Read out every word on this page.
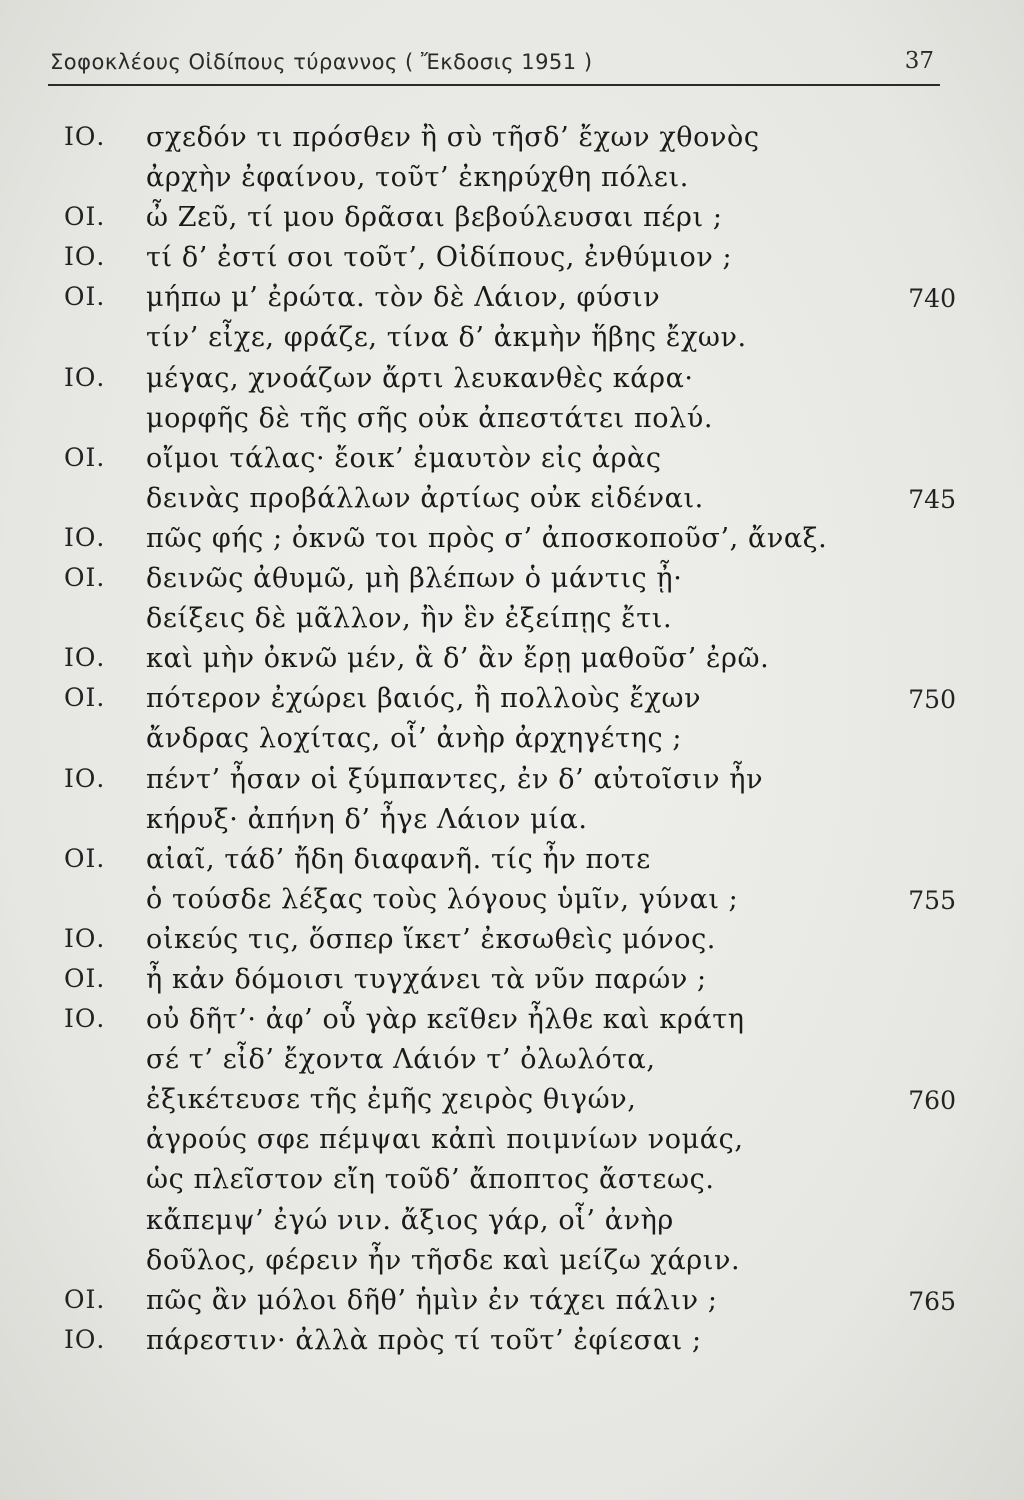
Σοφοκλέους Οἰδίπους τύραννος ( Ἔκδοσις 1951 )	37
ΙΟ. σχεδόν τι πρόσθεν ἢ σὺ τῆσδ’ ἔχων χθονὸς
ἀρχὴν ἐφαίνου, τοῦτ’ ἐκηρύχθη πόλει.
ΟΙ. ὦ Ζεῦ, τί μου δρᾶσαι βεβούλευσαι πέρι ;
ΙΟ. τί δ’ ἐστί σοι τοῦτ’, Οἰδίπους, ἐνθύμιον ;
ΟΙ. μήπω μ’ ἐρώτα. τὸν δὲ Λάιον, φύσιν	740
τίν’ εἶχε, φράζε, τίνα δ’ ἀκμὴν ἥβης ἔχων.
ΙΟ. μέγας, χνοάζων ἄρτι λευκανθὲς κάρα·
μορφῆς δὲ τῆς σῆς οὐκ ἀπεστάτει πολύ.
ΟΙ. οἴμοι τάλας· ἔοικ’ ἐμαυτὸν εἰς ἀρὰς
δεινὰς προβάλλων ἀρτίως οὐκ εἰδέναι.	745
ΙΟ. πῶς φής ; ὀκνῶ τοι πρὸς σ’ ἀποσκοποῦσ’, ἄναξ.
ΟΙ. δεινῶς ἀθυμῶ, μὴ βλέπων ὁ μάντις ᾖ·
δείξεις δὲ μᾶλλον, ἢν ἓν ἐξείπῃς ἔτι.
ΙΟ. καὶ μὴν ὀκνῶ μέν, ἃ δ’ ἂν ἔρῃ μαθοῦσ’ ἐρῶ.
ΟΙ. πότερον ἐχώρει βαιός, ἢ πολλοὺς ἔχων	750
ἄνδρας λοχίτας, οἷ’ ἀνὴρ ἀρχηγέτης ;
ΙΟ. πέντ’ ἦσαν οἱ ξύμπαντες, ἐν δ’ αὐτοῖσιν ἦν
κήρυξ· ἀπήνη δ’ ἦγε Λάιον μία.
ΟΙ. αἰαῖ, τάδ’ ἤδη διαφανῆ. τίς ἦν ποτε
ὁ τούσδε λέξας τοὺς λόγους ὑμῖν, γύναι ;	755
ΙΟ. οἰκεύς τις, ὅσπερ ἵκετ’ ἐκσωθεὶς μόνος.
ΟΙ. ἦ κἀν δόμοισι τυγχάνει τὰ νῦν παρών ;
ΙΟ. οὐ δῆτ’· ἀφ’ οὗ γὰρ κεῖθεν ἦλθε καὶ κράτη
σέ τ’ εἶδ’ ἔχοντα Λάιόν τ’ ὀλωλότα,
ἐξικέτευσε τῆς ἐμῆς χειρὸς θιγών,	760
ἀγρούς σφε πέμψαι κἀπὶ ποιμνίων νομάς,
ὡς πλεῖστον εἴη τοῦδ’ ἄποπτος ἄστεως.
κἄπεμψ’ ἐγώ νιν. ἄξιος γάρ, οἷ’ ἀνὴρ
δοῦλος, φέρειν ἦν τῆσδε καὶ μείζω χάριν.
ΟΙ. πῶς ἂν μόλοι δῆθ’ ἡμὶν ἐν τάχει πάλιν ;	765
ΙΟ. πάρεστιν· ἀλλὰ πρὸς τί τοῦτ’ ἐφίεσαι ;
